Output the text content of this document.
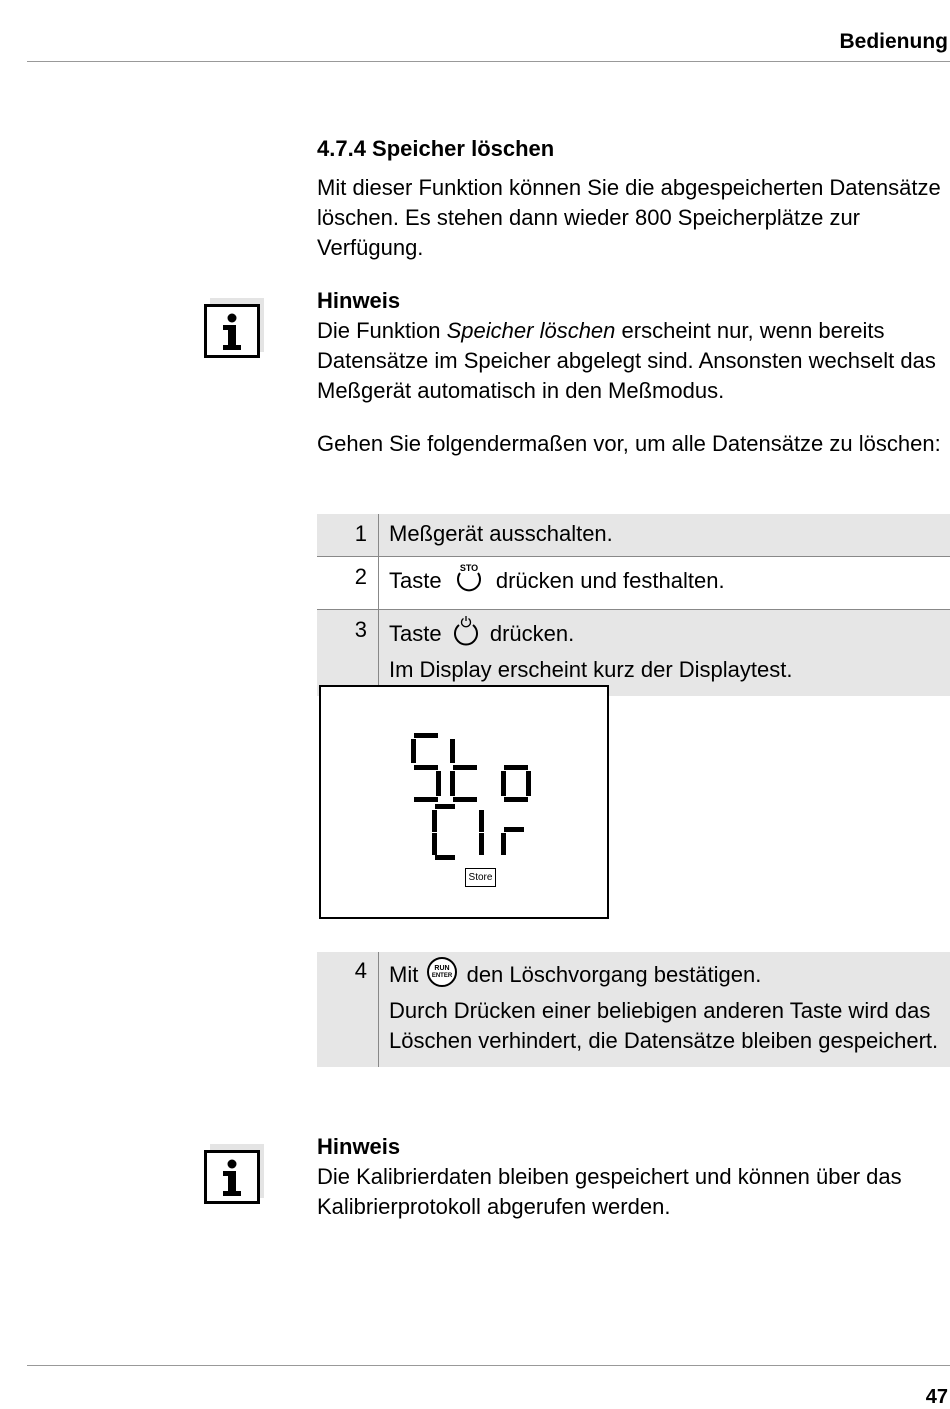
Bedienung
4.7.4 Speicher löschen

Mit dieser Funktion können Sie die abgespeicherten Datensätze löschen. Es stehen dann wieder 800 Speicherplätze zur Verfügung.

Hinweis

Die Funktion Speicher löschen erscheint nur, wenn bereits Datensätze im Speicher abgelegt sind. Ansonsten wechselt das Meßgerät automatisch in den Meßmodus.

Gehen Sie folgendermaßen vor, um alle Datensätze zu löschen:

1	Meßgerät ausschalten.
2	Taste STO drücken und festhalten.
3	Taste drücken.
Im Display erscheint kurz der Displaytest.
Store
4	Mit RUN
ENTER den Löschvorgang bestätigen.
Durch Drücken einer beliebigen anderen Taste wird das Löschen verhindert, die Datensätze bleiben gespeichert.
Hinweis

Die Kalibrierdaten bleiben gespeichert und können über das Kalibrierprotokoll abgerufen werden.

47
